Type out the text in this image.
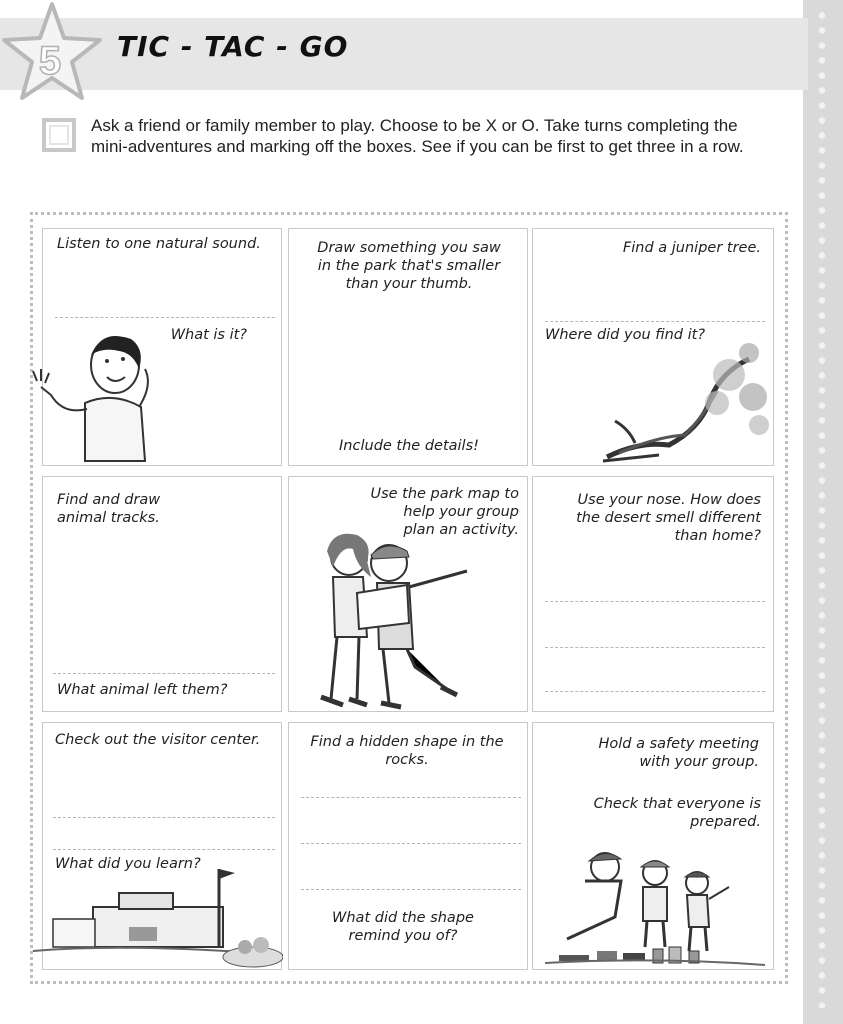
5 TIC - TAC - GO
Ask a friend or family member to play. Choose to be X or O. Take turns completing the mini-adventures and marking off the boxes. See if you can be first to get three in a row.
Listen to one natural sound.
What is it?
Draw something you saw in the park that's smaller than your thumb.
Include the details!
Find a juniper tree.
Where did you find it?
Find and draw animal tracks.
What animal left them?
Use the park map to help your group plan an activity.
Use your nose. How does the desert smell different than home?
Check out the visitor center.
What did you learn?
Find a hidden shape in the rocks.
What did the shape remind you of?
Hold a safety meeting with your group.
Check that everyone is prepared.
